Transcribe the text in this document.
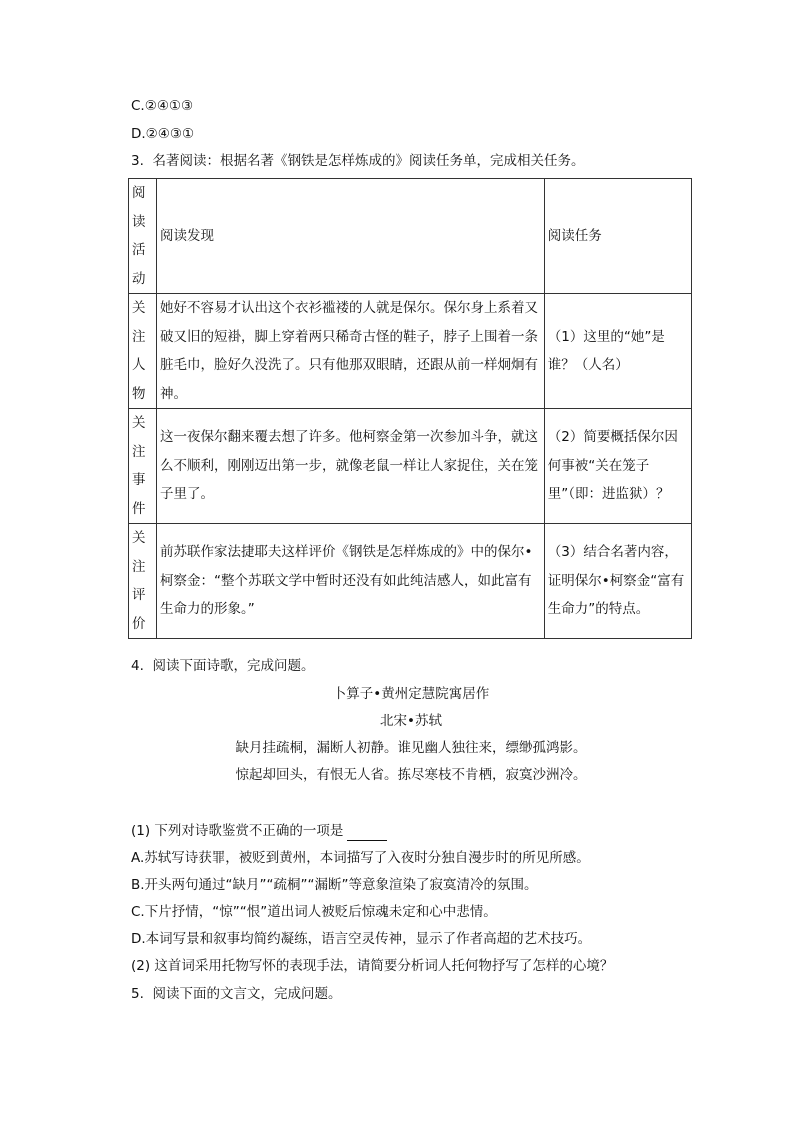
C.②④①③
D.②④③①
3. 名著阅读：根据名著《钢铁是怎样炼成的》阅读任务单，完成相关任务。
阅读活动	阅读发现	阅读任务

关注人物	她好不容易才认出这个衣衫褴褛的人就是保尔。保尔身上系着又破又旧的短褂，脚上穿着两只稀奇古怪的鞋子，脖子上围着一条脏毛巾，脸好久没洗了。只有他那双眼睛，还跟从前一样炯炯有神。	（1）这里的“她”是谁？（人名）

关注事件	这一夜保尔翻来覆去想了许多。他柯察金第一次参加斗争，就这么不顺利，刚刚迈出第一步，就像老鼠一样让人家捉住，关在笼子里了。	（2）简要概括保尔因何事被“关在笼子里”（即：进监狱）？

关注评价	前苏联作家法捷耶夫这样评价《钢铁是怎样炼成的》中的保尔•柯察金：“整个苏联文学中暂时还没有如此纯洁感人，如此富有生命力的形象。”	（3）结合名著内容，证明保尔•柯察金“富有生命力”的特点。
4. 阅读下面诗歌，完成问题。
卜算子•黄州定慧院寓居作
北宋•苏轼
缺月挂疏桐，漏断人初静。谁见幽人独往来，缥缈孤鸿影。
惊起却回头，有恨无人省。拣尽寒枝不肯栖，寂寞沙洲冷。
(1) 下列对诗歌鉴赏不正确的一项是
A.苏轼写诗获罪，被贬到黄州，本词描写了入夜时分独自漫步时的所见所感。
B.开头两句通过“缺月”“疏桐”“漏断”等意象渲染了寂寞清冷的氛围。
C.下片抒情，“惊”“恨”道出词人被贬后惊魂未定和心中悲情。
D.本词写景和叙事均简约凝练，语言空灵传神，显示了作者高超的艺术技巧。
(2) 这首词采用托物写怀的表现手法，请简要分析词人托何物抒写了怎样的心境？
5. 阅读下面的文言文，完成问题。
